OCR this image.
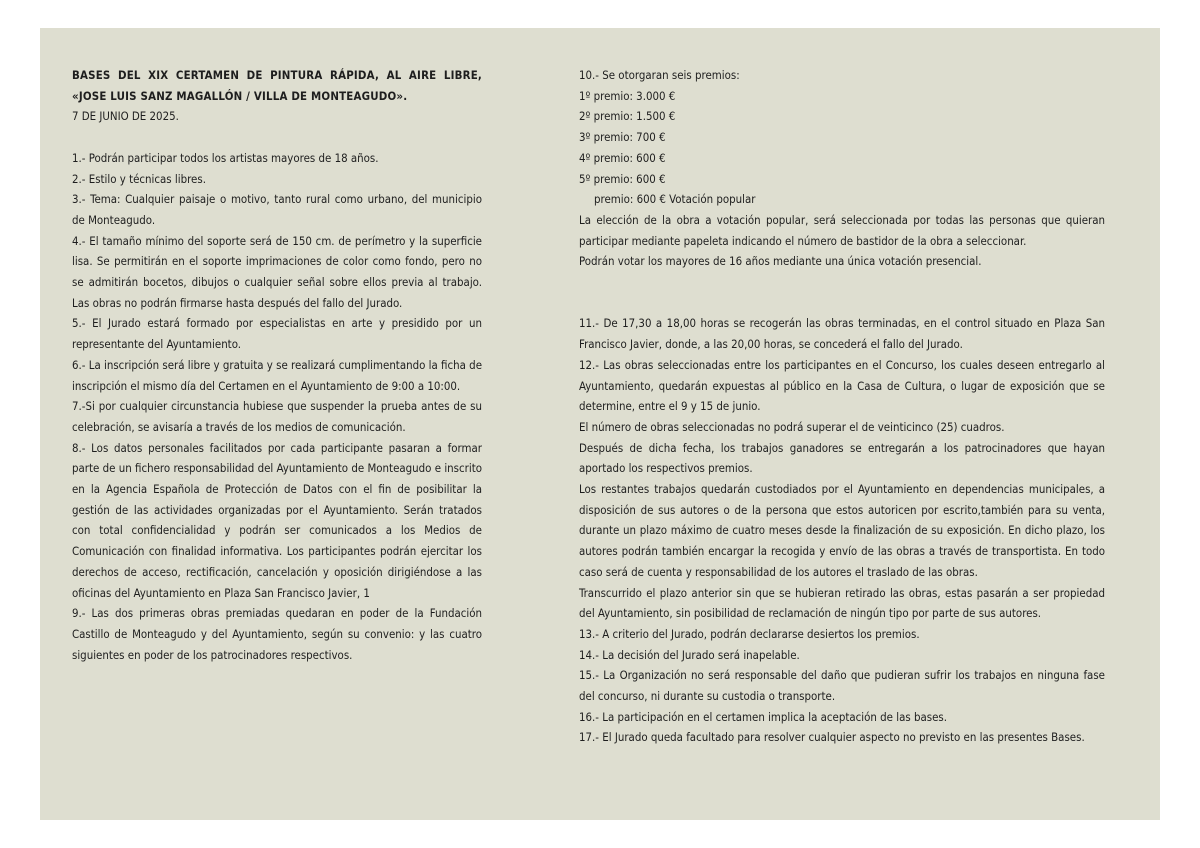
BASES DEL XIX CERTAMEN DE PINTURA RÁPIDA, AL AIRE LIBRE, «JOSE LUIS SANZ MAGALLÓN / VILLA DE MONTEAGUDO».

7 DE JUNIO DE 2025.

1.- Podrán participar todos los artistas mayores de 18 años.

2.- Estilo y técnicas libres.

3.- Tema: Cualquier paisaje o motivo, tanto rural como urbano, del municipio de Monteagudo.

4.- El tamaño mínimo del soporte será de 150 cm. de perímetro y la superficie lisa. Se permitirán en el soporte imprimaciones de color como fondo, pero no se admitirán bocetos, dibujos o cualquier señal sobre ellos previa al trabajo. Las obras no podrán firmarse hasta después del fallo del Jurado.

5.- El Jurado estará formado por especialistas en arte y presidido por un representante del Ayuntamiento.

6.- La inscripción será libre y gratuita y se realizará cumplimentando la ficha de inscripción el mismo día del Certamen en el Ayuntamiento de 9:00 a 10:00.

7.-Si por cualquier circunstancia hubiese que suspender la prueba antes de su celebración, se avisaría a través de los medios de comunicación.

8.- Los datos personales facilitados por cada participante pasaran a formar parte de un fichero responsabilidad del Ayuntamiento de Monteagudo e inscrito en la Agencia Española de Protección de Datos con el fin de posibilitar la gestión de las actividades organizadas por el Ayuntamiento. Serán tratados con total confidencialidad y podrán ser comunicados a los Medios de Comunicación con finalidad informativa. Los participantes podrán ejercitar los derechos de acceso, rectificación, cancelación y oposición dirigiéndose a las oficinas del Ayuntamiento en Plaza San Francisco Javier, 1

9.- Las dos primeras obras premiadas quedaran en poder de la Fundación Castillo de Monteagudo y del Ayuntamiento, según su convenio: y las cuatro siguientes en poder de los patrocinadores respectivos.

10.- Se otorgaran seis premios:

1º premio: 3.000 €

2º premio: 1.500 €

3º premio: 700 €

4º premio: 600 €

5º premio: 600 €

premio: 600 € Votación popular

La elección de la obra a votación popular, será seleccionada por todas las personas que quieran participar mediante papeleta indicando el número de bastidor de la obra a seleccionar.

Podrán votar los mayores de 16 años mediante una única votación presencial.

11.- De 17,30 a 18,00 horas se recogerán las obras terminadas, en el control situado en Plaza San Francisco Javier, donde, a las 20,00 horas, se concederá el fallo del Jurado.

12.- Las obras seleccionadas entre los participantes en el Concurso, los cuales deseen entregarlo al Ayuntamiento, quedarán expuestas al público en la Casa de Cultura, o lugar de exposición que se determine, entre el 9 y 15 de junio.

El número de obras seleccionadas no podrá superar el de veinticinco (25) cuadros.

Después de dicha fecha, los trabajos ganadores se entregarán a los patrocinadores que hayan aportado los respectivos premios.

Los restantes trabajos quedarán custodiados por el Ayuntamiento en dependencias municipales, a disposición de sus autores o de la persona que estos autoricen por escrito,también para su venta, durante un plazo máximo de cuatro meses desde la finalización de su exposición. En dicho plazo, los autores podrán también encargar la recogida y envío de las obras a través de transportista. En todo caso será de cuenta y responsabilidad de los autores el traslado de las obras.

Transcurrido el plazo anterior sin que se hubieran retirado las obras, estas pasarán a ser propiedad del Ayuntamiento, sin posibilidad de reclamación de ningún tipo por parte de sus autores.

13.- A criterio del Jurado, podrán declararse desiertos los premios.

14.- La decisión del Jurado será inapelable.

15.- La Organización no será responsable del daño que pudieran sufrir los trabajos en ninguna fase del concurso, ni durante su custodia o transporte.

16.- La participación en el certamen implica la aceptación de las bases.

17.- El Jurado queda facultado para resolver cualquier aspecto no previsto en las presentes Bases.
